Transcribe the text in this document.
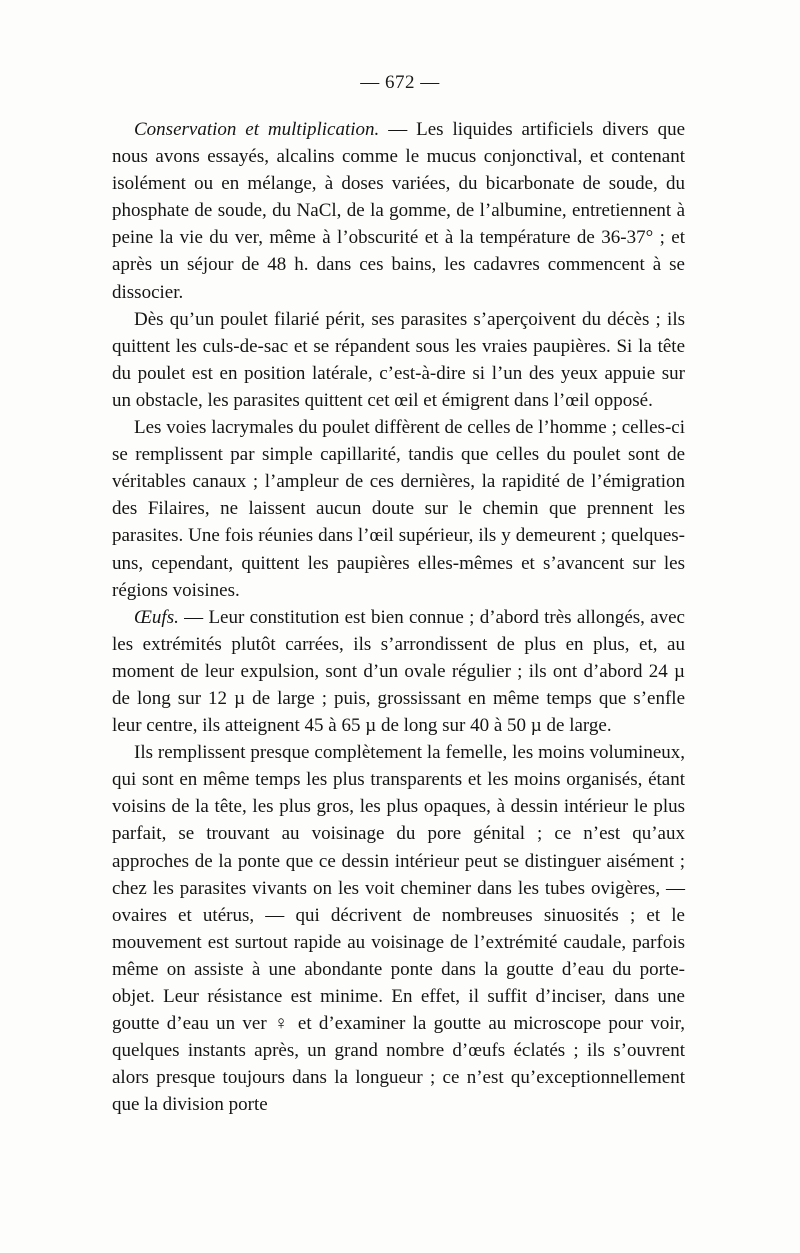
— 672 —

Conservation et multiplication. — Les liquides artificiels divers que nous avons essayés, alcalins comme le mucus conjonctival, et contenant isolément ou en mélange, à doses variées, du bicarbonate de soude, du phosphate de soude, du NaCl, de la gomme, de l’albumine, entretiennent à peine la vie du ver, même à l’obscurité et à la température de 36-37° ; et après un séjour de 48 h. dans ces bains, les cadavres commencent à se dissocier.

Dès qu’un poulet filarié périt, ses parasites s’aperçoivent du décès ; ils quittent les culs-de-sac et se répandent sous les vraies paupières. Si la tête du poulet est en position latérale, c’est-à-dire si l’un des yeux appuie sur un obstacle, les parasites quittent cet œil et émigrent dans l’œil opposé.

Les voies lacrymales du poulet diffèrent de celles de l’homme ; celles-ci se remplissent par simple capillarité, tandis que celles du poulet sont de véritables canaux ; l’ampleur de ces dernières, la rapidité de l’émigration des Filaires, ne laissent aucun doute sur le chemin que prennent les parasites. Une fois réunies dans l’œil supérieur, ils y demeurent ; quelques-uns, cependant, quittent les paupières elles-mêmes et s’avancent sur les régions voisines.

Œufs. — Leur constitution est bien connue ; d’abord très allongés, avec les extrémités plutôt carrées, ils s’arrondissent de plus en plus, et, au moment de leur expulsion, sont d’un ovale régulier ; ils ont d’abord 24 µ de long sur 12 µ de large ; puis, grossissant en même temps que s’enfle leur centre, ils atteignent 45 à 65 µ de long sur 40 à 50 µ de large.

Ils remplissent presque complètement la femelle, les moins volumineux, qui sont en même temps les plus transparents et les moins organisés, étant voisins de la tête, les plus gros, les plus opaques, à dessin intérieur le plus parfait, se trouvant au voisinage du pore génital ; ce n’est qu’aux approches de la ponte que ce dessin intérieur peut se distinguer aisément ; chez les parasites vivants on les voit cheminer dans les tubes ovigères, — ovaires et utérus, — qui décrivent de nombreuses sinuosités ; et le mouvement est surtout rapide au voisinage de l’extrémité caudale, parfois même on assiste à une abondante ponte dans la goutte d’eau du porte-objet. Leur résistance est minime. En effet, il suffit d’inciser, dans une goutte d’eau un ver ♀ et d’examiner la goutte au microscope pour voir, quelques instants après, un grand nombre d’œufs éclatés ; ils s’ouvrent alors presque toujours dans la longueur ; ce n’est qu’exceptionnellement que la division porte
